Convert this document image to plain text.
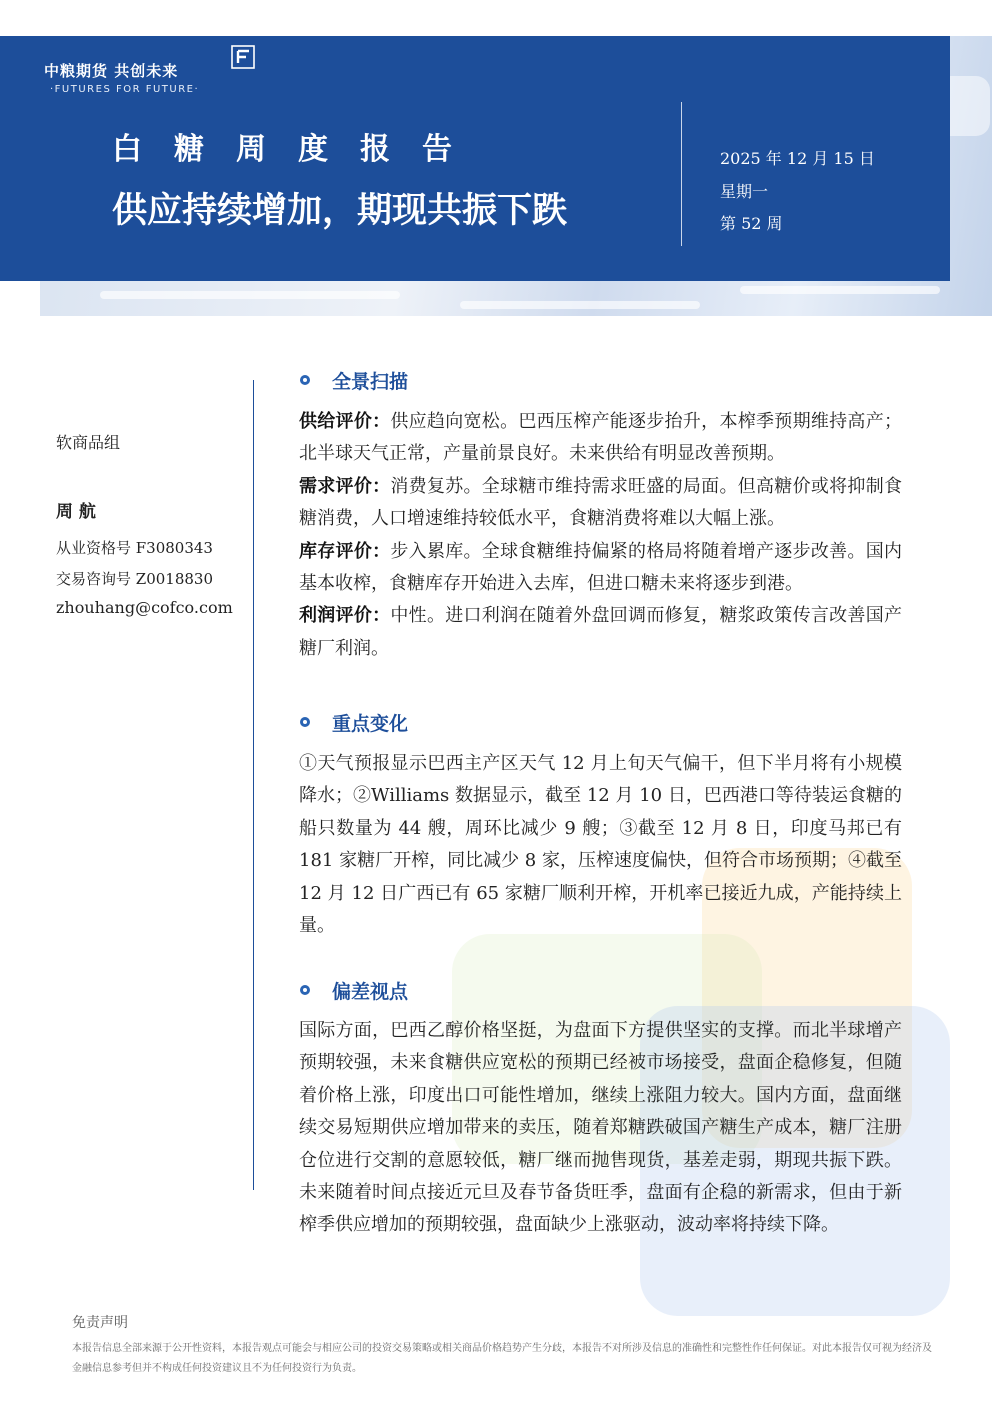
中粮期货 共创未来
·FUTURES FOR FUTURE·
白糖周度报告
供应持续增加，期现共振下跌
2025 年 12 月 15 日
星期一
第 52 周
软商品组
周 航
从业资格号 F3080343
交易咨询号 Z0018830
zhouhang@cofco.com
全景扫描
供给评价：供应趋向宽松。巴西压榨产能逐步抬升，本榨季预期维持高产；北半球天气正常，产量前景良好。未来供给有明显改善预期。
需求评价：消费复苏。全球糖市维持需求旺盛的局面。但高糖价或将抑制食糖消费，人口增速维持较低水平，食糖消费将难以大幅上涨。
库存评价：步入累库。全球食糖维持偏紧的格局将随着增产逐步改善。国内基本收榨，食糖库存开始进入去库，但进口糖未来将逐步到港。
利润评价：中性。进口利润在随着外盘回调而修复，糖浆政策传言改善国产糖厂利润。
重点变化
①天气预报显示巴西主产区天气 12 月上旬天气偏干，但下半月将有小规模降水；②Williams 数据显示，截至 12 月 10 日，巴西港口等待装运食糖的船只数量为 44 艘，周环比减少 9 艘；③截至 12 月 8 日，印度马邦已有 181 家糖厂开榨，同比减少 8 家，压榨速度偏快，但符合市场预期；④截至 12 月 12 日广西已有 65 家糖厂顺利开榨，开机率已接近九成，产能持续上量。
偏差视点
国际方面，巴西乙醇价格坚挺，为盘面下方提供坚实的支撑。而北半球增产预期较强，未来食糖供应宽松的预期已经被市场接受，盘面企稳修复，但随着价格上涨，印度出口可能性增加，继续上涨阻力较大。国内方面，盘面继续交易短期供应增加带来的卖压，随着郑糖跌破国产糖生产成本，糖厂注册仓位进行交割的意愿较低，糖厂继而抛售现货，基差走弱，期现共振下跌。未来随着时间点接近元旦及春节备货旺季，盘面有企稳的新需求，但由于新榨季供应增加的预期较强，盘面缺少上涨驱动，波动率将持续下降。
免责声明
本报告信息全部来源于公开性资料，本报告观点可能会与相应公司的投资交易策略或相关商品价格趋势产生分歧，本报告不对所涉及信息的准确性和完整性作任何保证。对此本报告仅可视为经济及金融信息参考但并不构成任何投资建议且不为任何投资行为负责。
